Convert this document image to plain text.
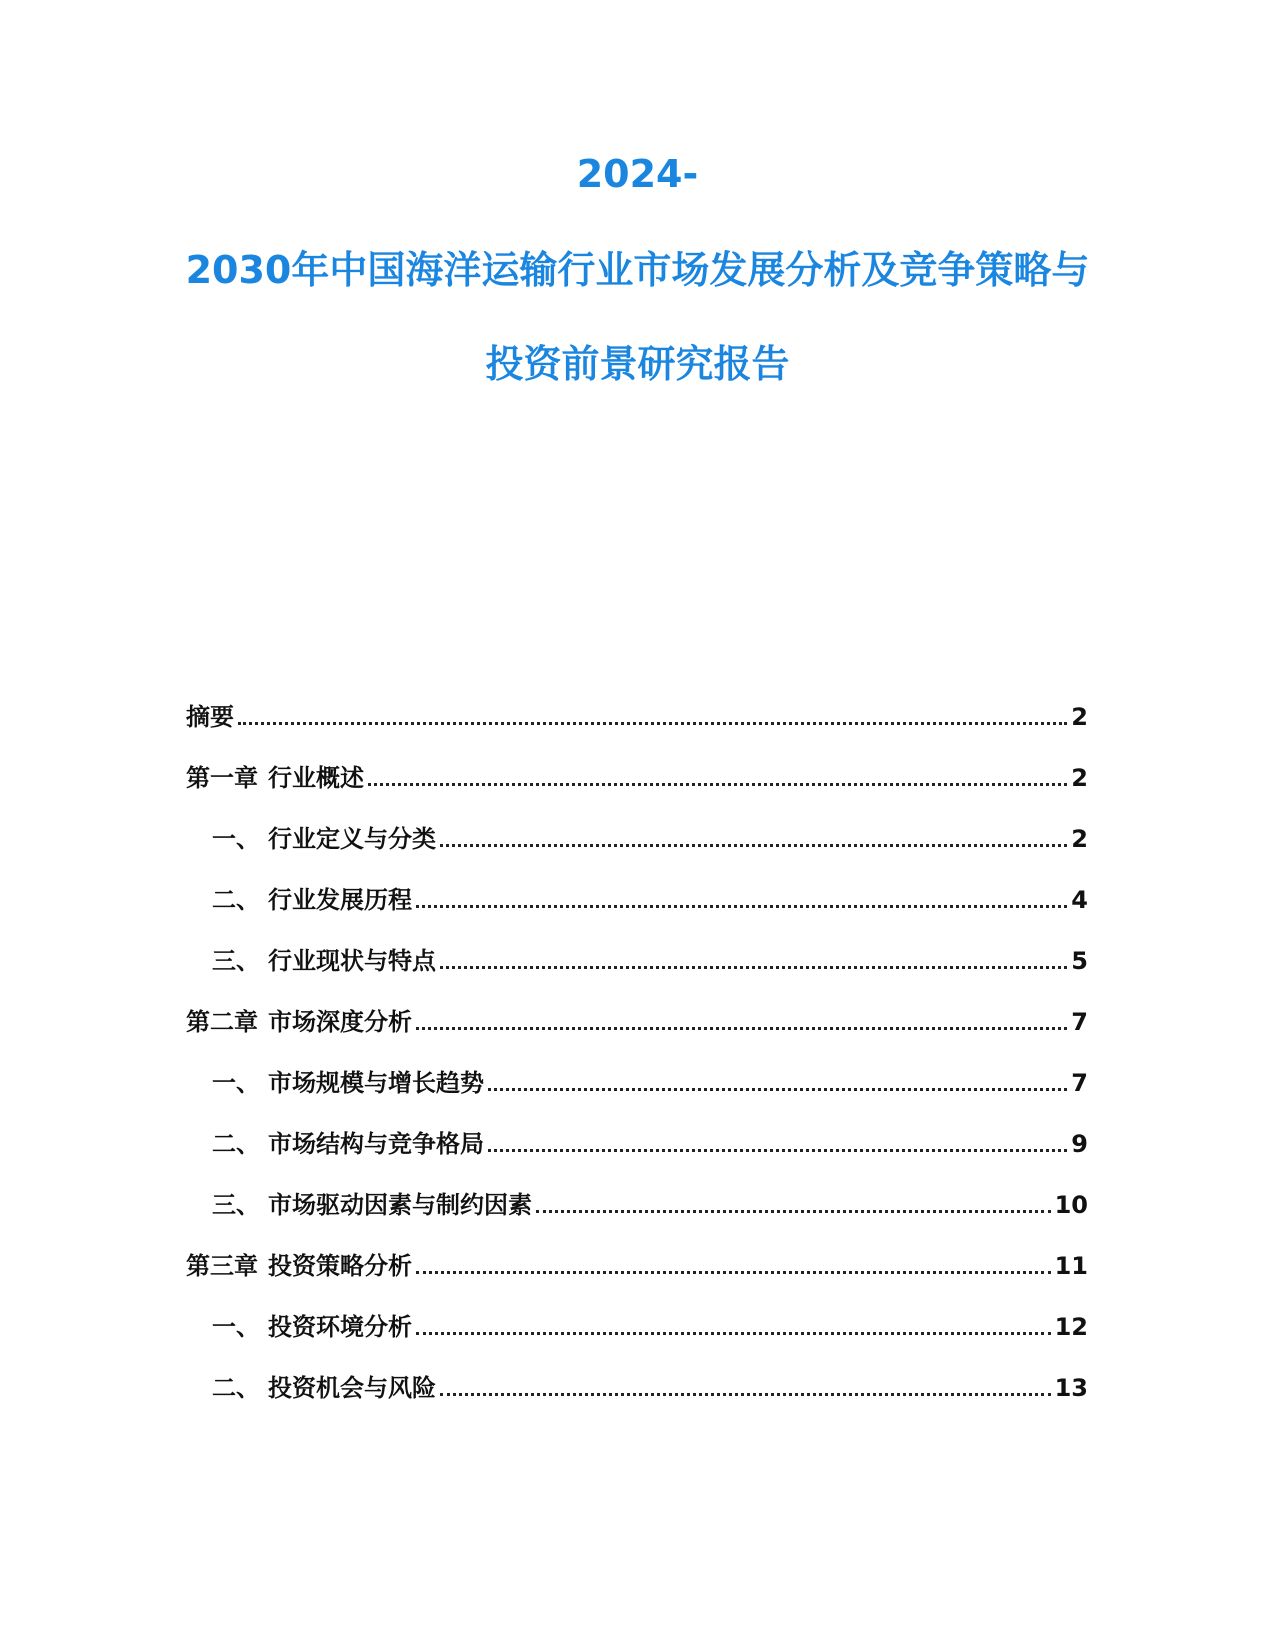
2024-
2030年中国海洋运输行业市场发展分析及竞争策略与
投资前景研究报告
摘要	2
第一章 行业概述	2
一、 行业定义与分类	2
二、 行业发展历程	4
三、 行业现状与特点	5
第二章 市场深度分析	7
一、 市场规模与增长趋势	7
二、 市场结构与竞争格局	9
三、 市场驱动因素与制约因素	10
第三章 投资策略分析	11
一、 投资环境分析	12
二、 投资机会与风险	13
